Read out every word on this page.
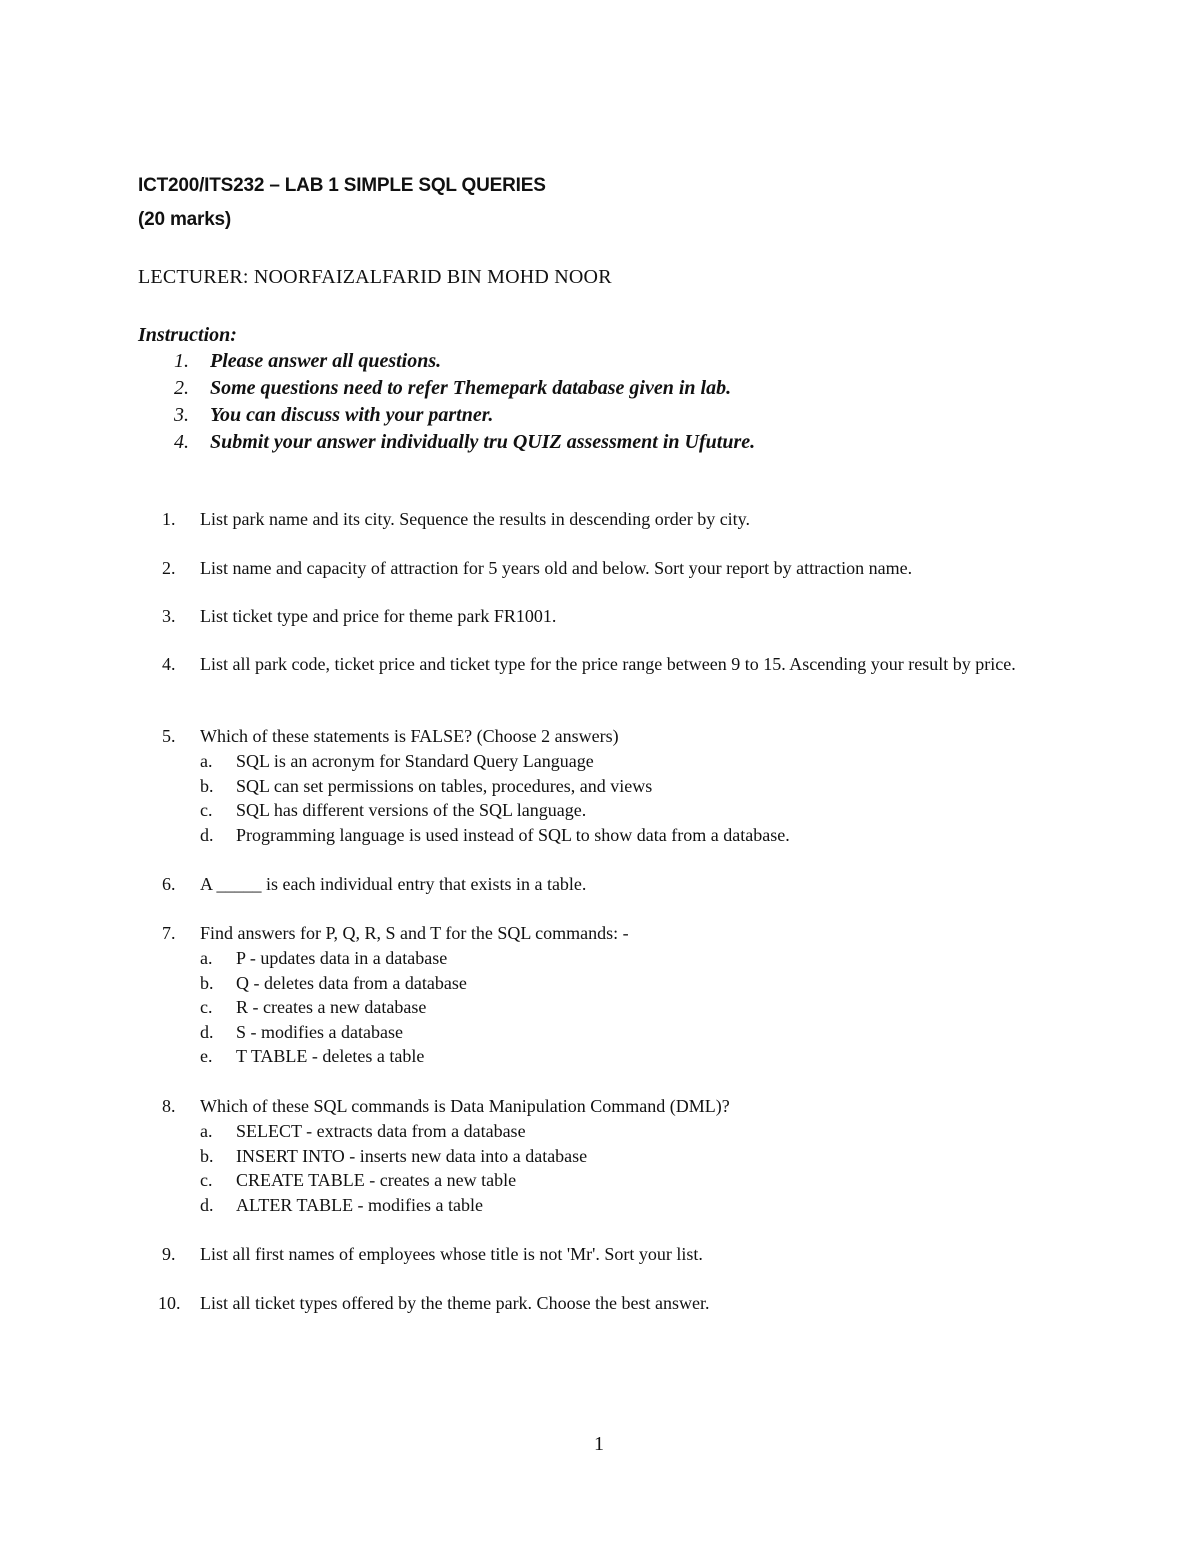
ICT200/ITS232 – LAB 1 SIMPLE SQL QUERIES
(20 marks)
LECTURER: NOORFAIZALFARID BIN MOHD NOOR
Instruction:
1. Please answer all questions.
2. Some questions need to refer Themepark database given in lab.
3. You can discuss with your partner.
4. Submit your answer individually tru QUIZ assessment in Ufuture.
1. List park name and its city. Sequence the results in descending order by city.
2. List name and capacity of attraction for 5 years old and below. Sort your report by attraction name.
3. List ticket type and price for theme park FR1001.
4. List all park code, ticket price and ticket type for the price range between 9 to 15. Ascending your result by price.
5. Which of these statements is FALSE? (Choose 2 answers)
a. SQL is an acronym for Standard Query Language
b. SQL can set permissions on tables, procedures, and views
c. SQL has different versions of the SQL language.
d. Programming language is used instead of SQL to show data from a database.
6. A _____ is each individual entry that exists in a table.
7. Find answers for P, Q, R, S and T for the SQL commands: -
a. P - updates data in a database
b. Q - deletes data from a database
c. R - creates a new database
d. S - modifies a database
e. T TABLE - deletes a table
8. Which of these SQL commands is Data Manipulation Command (DML)?
a. SELECT - extracts data from a database
b. INSERT INTO - inserts new data into a database
c. CREATE TABLE - creates a new table
d. ALTER TABLE - modifies a table
9. List all first names of employees whose title is not 'Mr'. Sort your list.
10. List all ticket types offered by the theme park. Choose the best answer.
1
